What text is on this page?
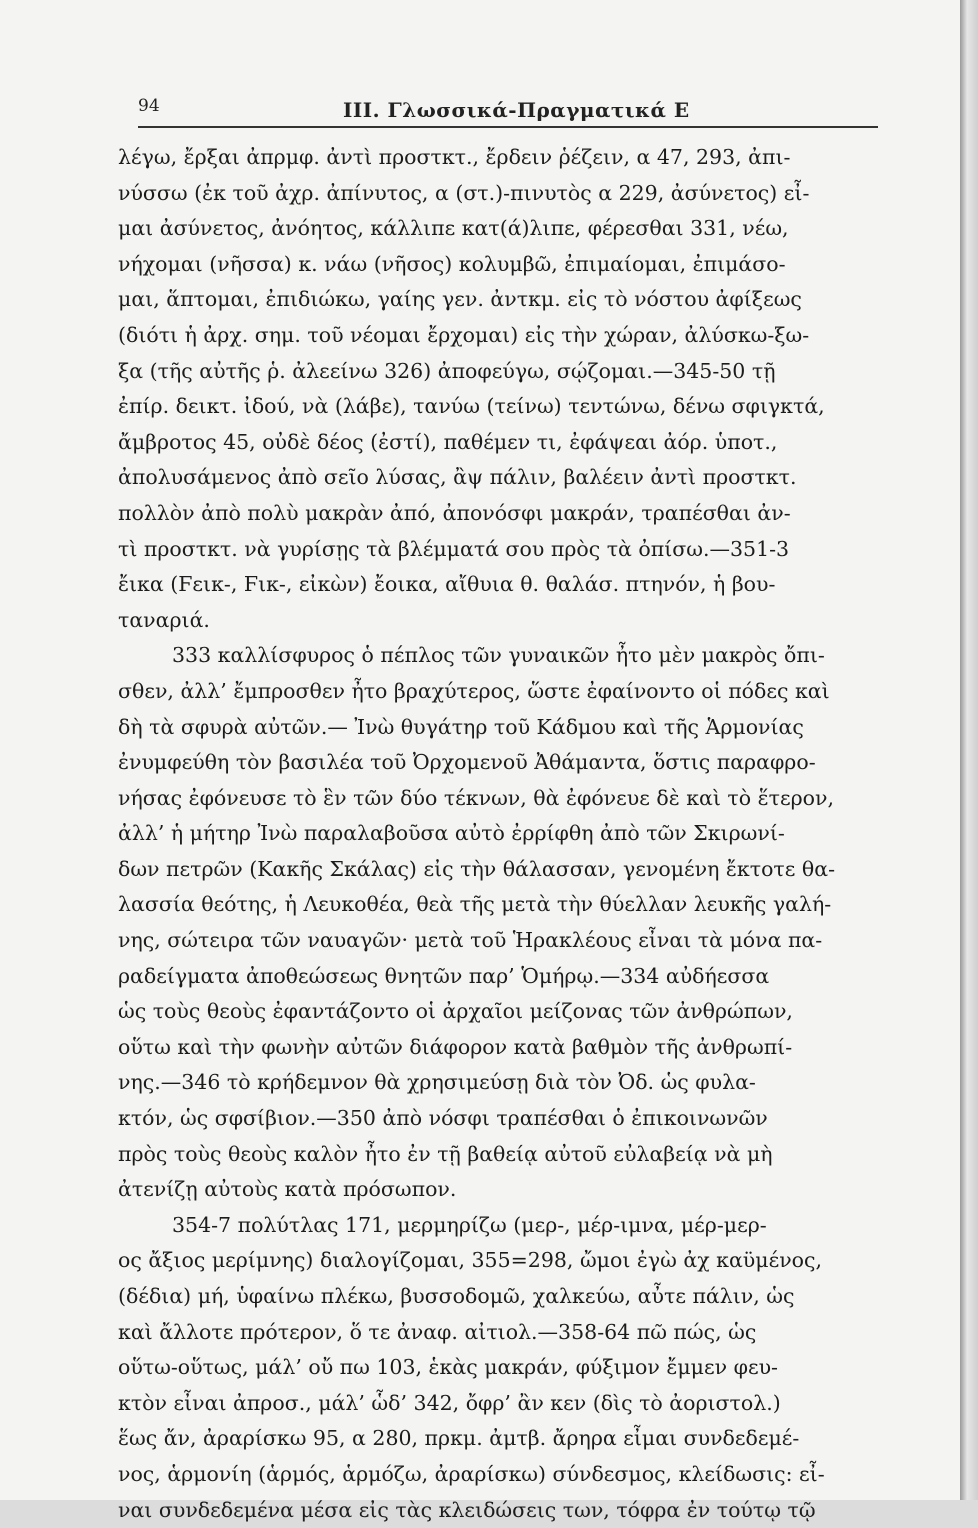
94	III. Γλωσσικά-Πραγματικά Ε
λέγω, ἔρξαι ἀπρμφ. ἀντὶ προστκτ., ἔρδειν ῥέζειν, α 47, 293, ἀπι-
νύσσω (ἐκ τοῦ ἀχρ. ἀπίνυτος, α (στ.)-πινυτὸς α 229, ἀσύνετος) εἶ-
μαι ἀσύνετος, ἀνόητος, κάλλιπε κατ(ά)λιπε, φέρεσθαι 331, νέω,
νήχομαι (νῆσσα) κ. νάω (νῆσος) κολυμβῶ, ἐπιμαίομαι, ἐπιμάσο-
μαι, ἅπτομαι, ἐπιδιώκω, γαίης γεν. ἀντκμ. εἰς τὸ νόστου ἀφίξεως
(διότι ἡ ἀρχ. σημ. τοῦ νέομαι ἔρχομαι) εἰς τὴν χώραν, ἀλύσκω-ξω-
ξα (τῆς αὐτῆς ῥ. ἀλεείνω 326) ἀποφεύγω, σῴζομαι.—345-50 τῇ
ἐπίρ. δεικτ. ἰδού, νὰ (λάβε), τανύω (τείνω) τεντώνω, δένω σφιγκτά,
ἄμβροτος 45, οὐδὲ δέος (ἐστί), παθέμεν τι, ἐφάψεαι ἀόρ. ὑποτ.,
ἀπολυσάμενος ἀπὸ σεῖο λύσας, ἂψ πάλιν, βαλέειν ἀντὶ προστκτ.
πολλὸν ἀπὸ πολὺ μακρὰν ἀπό, ἀπονόσφι μακράν, τραπέσθαι ἀν-
τὶ προστκτ. νὰ γυρίσῃς τὰ βλέμματά σου πρὸς τὰ ὀπίσω.—351-3
ἔικα (Ϝεικ-, Ϝικ-, εἰκὼν) ἔοικα, αἴθυια θ. θαλάσ. πτηνόν, ἡ βου-
ταναριά.
333 καλλίσφυρος ὁ πέπλος τῶν γυναικῶν ἦτο μὲν μακρὸς ὄπι-
σθεν, ἀλλ’ ἔμπροσθεν ἦτο βραχύτερος, ὥστε ἐφαίνοντο οἱ πόδες καὶ
δὴ τὰ σφυρὰ αὐτῶν.— Ἰνὼ θυγάτηρ τοῦ Κάδμου καὶ τῆς Ἁρμονίας
ἐνυμφεύθη τὸν βασιλέα τοῦ Ὀρχομενοῦ Ἀθάμαντα, ὅστις παραφρο-
νήσας ἐφόνευσε τὸ ἓν τῶν δύο τέκνων, θὰ ἐφόνευε δὲ καὶ τὸ ἕτερον,
ἀλλ’ ἡ μήτηρ Ἰνὼ παραλαβοῦσα αὐτὸ ἐρρίφθη ἀπὸ τῶν Σκιρωνί-
δων πετρῶν (Κακῆς Σκάλας) εἰς τὴν θάλασσαν, γενομένη ἔκτοτε θα-
λασσία θεότης, ἡ Λευκοθέα, θεὰ τῆς μετὰ τὴν θύελλαν λευκῆς γαλή-
νης, σώτειρα τῶν ναυαγῶν· μετὰ τοῦ Ἡρακλέους εἶναι τὰ μόνα πα-
ραδείγματα ἀποθεώσεως θνητῶν παρ’ Ὁμήρῳ.—334 αὐδήεσσα
ὡς τοὺς θεοὺς ἐφαντάζοντο οἱ ἀρχαῖοι μείζονας τῶν ἀνθρώπων,
οὕτω καὶ τὴν φωνὴν αὐτῶν διάφορον κατὰ βαθμὸν τῆς ἀνθρωπί-
νης.—346 τὸ κρήδεμνον θὰ χρησιμεύσῃ διὰ τὸν Ὀδ. ὡς φυλα-
κτόν, ὡς σφσίβιον.—350 ἀπὸ νόσφι τραπέσθαι ὁ ἐπικοινωνῶν
πρὸς τοὺς θεοὺς καλὸν ἦτο ἐν τῇ βαθείᾳ αὐτοῦ εὐλαβείᾳ νὰ μὴ
ἀτενίζῃ αὐτοὺς κατὰ πρόσωπον.
354-7 πολύτλας 171, μερμηρίζω (μερ-, μέρ-ιμνα, μέρ-μερ-
ος ἄξιος μερίμνης) διαλογίζομαι, 355=298, ὤμοι ἐγὼ ἀχ καϋμένος,
(δέδια) μή, ὑφαίνω πλέκω, βυσσοδομῶ, χαλκεύω, αὖτε πάλιν, ὡς
καὶ ἄλλοτε πρότερον, ὅ τε ἀναφ. αἰτιολ.—358-64 πῶ πώς, ὡς
οὕτω-οὕτως, μάλ’ οὔ πω 103, ἑκὰς μακράν, φύξιμον ἔμμεν φευ-
κτὸν εἶναι ἀπροσ., μάλ’ ὧδ’ 342, ὄφρ’ ἂν κεν (δὶς τὸ ἀοριστολ.)
ἕως ἄν, ἀραρίσκω 95, α 280, πρκμ. ἀμτβ. ἄρηρα εἶμαι συνδεδεμέ-
νος, ἁρμονίη (ἁρμός, ἁρμόζω, ἀραρίσκω) σύνδεσμος, κλείδωσις: εἶ-
ναι συνδεδεμένα μέσα εἰς τὰς κλειδώσεις των, τόφρα ἐν τούτῳ τῷ
